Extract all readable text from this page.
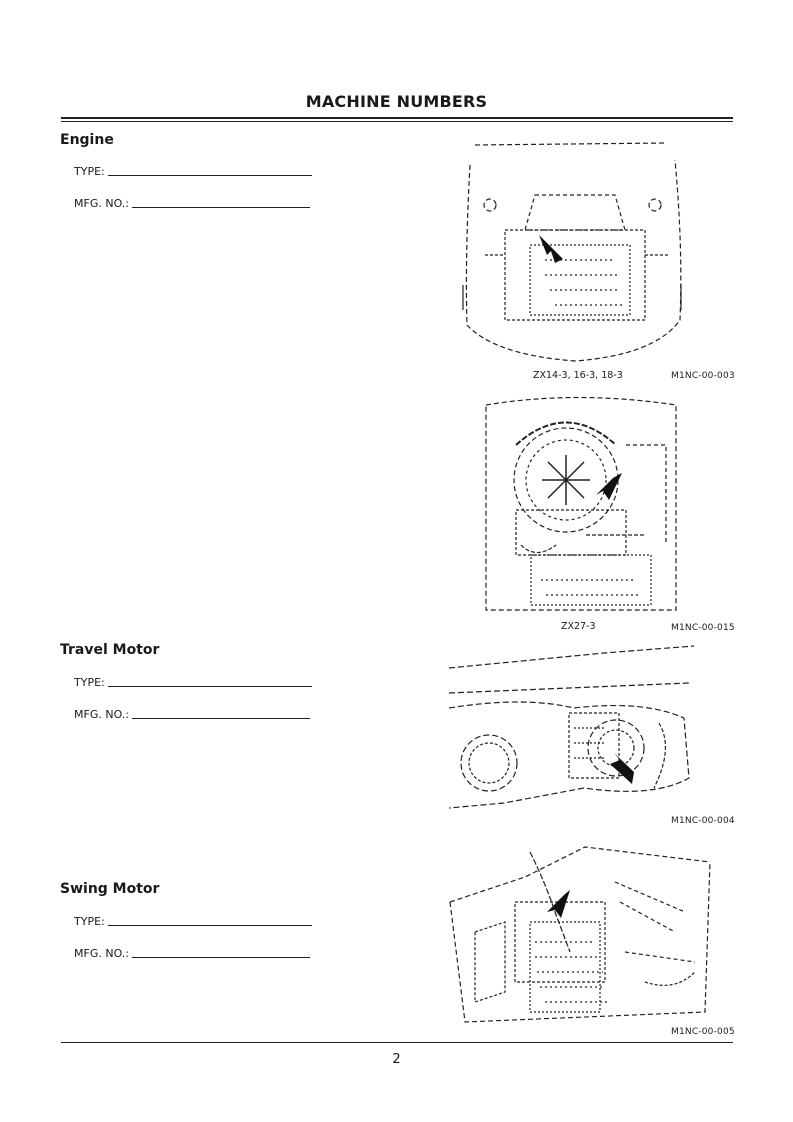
MACHINE NUMBERS
Engine
TYPE:
MFG. NO.:
Travel Motor
TYPE:
MFG. NO.:
Swing Motor
TYPE:
MFG. NO.:
ZX14-3, 16-3, 18-3	M1NC-00-003
ZX27-3	M1NC-00-015
M1NC-00-004
M1NC-00-005
2
